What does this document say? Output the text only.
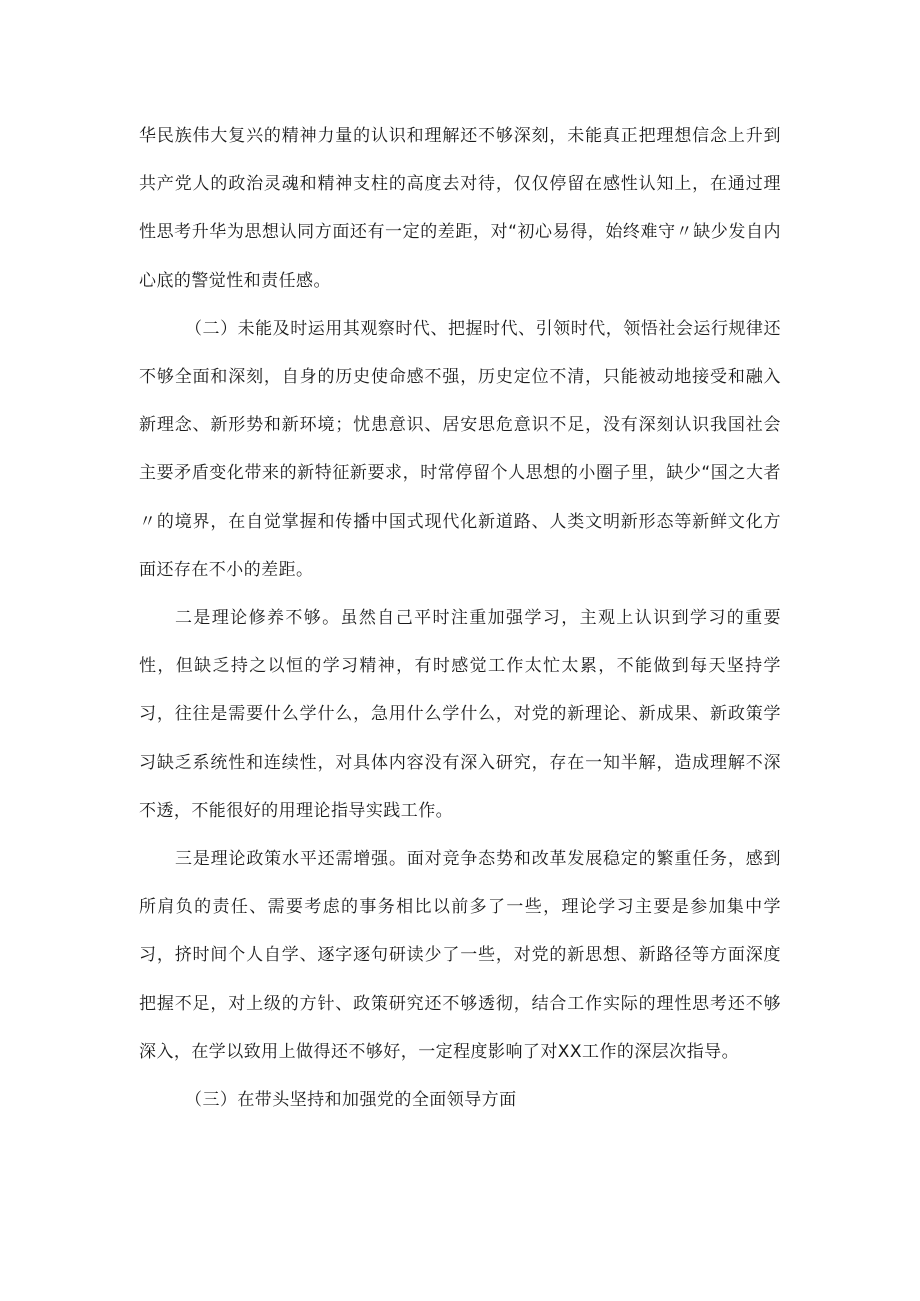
华民族伟大复兴的精神力量的认识和理解还不够深刻，未能真正把理想信念上升到共产党人的政治灵魂和精神支柱的高度去对待，仅仅停留在感性认知上，在通过理性思考升华为思想认同方面还有一定的差距，对“初心易得，始终难守〃缺少发自内心底的警觉性和责任感。

（二）未能及时运用其观察时代、把握时代、引领时代，领悟社会运行规律还不够全面和深刻，自身的历史使命感不强，历史定位不清，只能被动地接受和融入新理念、新形势和新环境；忧患意识、居安思危意识不足，没有深刻认识我国社会主要矛盾变化带来的新特征新要求，时常停留个人思想的小圈子里，缺少“国之大者〃的境界，在自觉掌握和传播中国式现代化新道路、人类文明新形态等新鲜文化方面还存在不小的差距。

二是理论修养不够。虽然自己平时注重加强学习，主观上认识到学习的重要性，但缺乏持之以恒的学习精神，有时感觉工作太忙太累，不能做到每天坚持学习，往往是需要什么学什么，急用什么学什么，对党的新理论、新成果、新政策学习缺乏系统性和连续性，对具体内容没有深入研究，存在一知半解，造成理解不深不透，不能很好的用理论指导实践工作。

三是理论政策水平还需增强。面对竞争态势和改革发展稳定的繁重任务，感到所肩负的责任、需要考虑的事务相比以前多了一些，理论学习主要是参加集中学习，挤时间个人自学、逐字逐句研读少了一些，对党的新思想、新路径等方面深度把握不足，对上级的方针、政策研究还不够透彻，结合工作实际的理性思考还不够深入，在学以致用上做得还不够好，一定程度影响了对XX工作的深层次指导。

（三）在带头坚持和加强党的全面领导方面
